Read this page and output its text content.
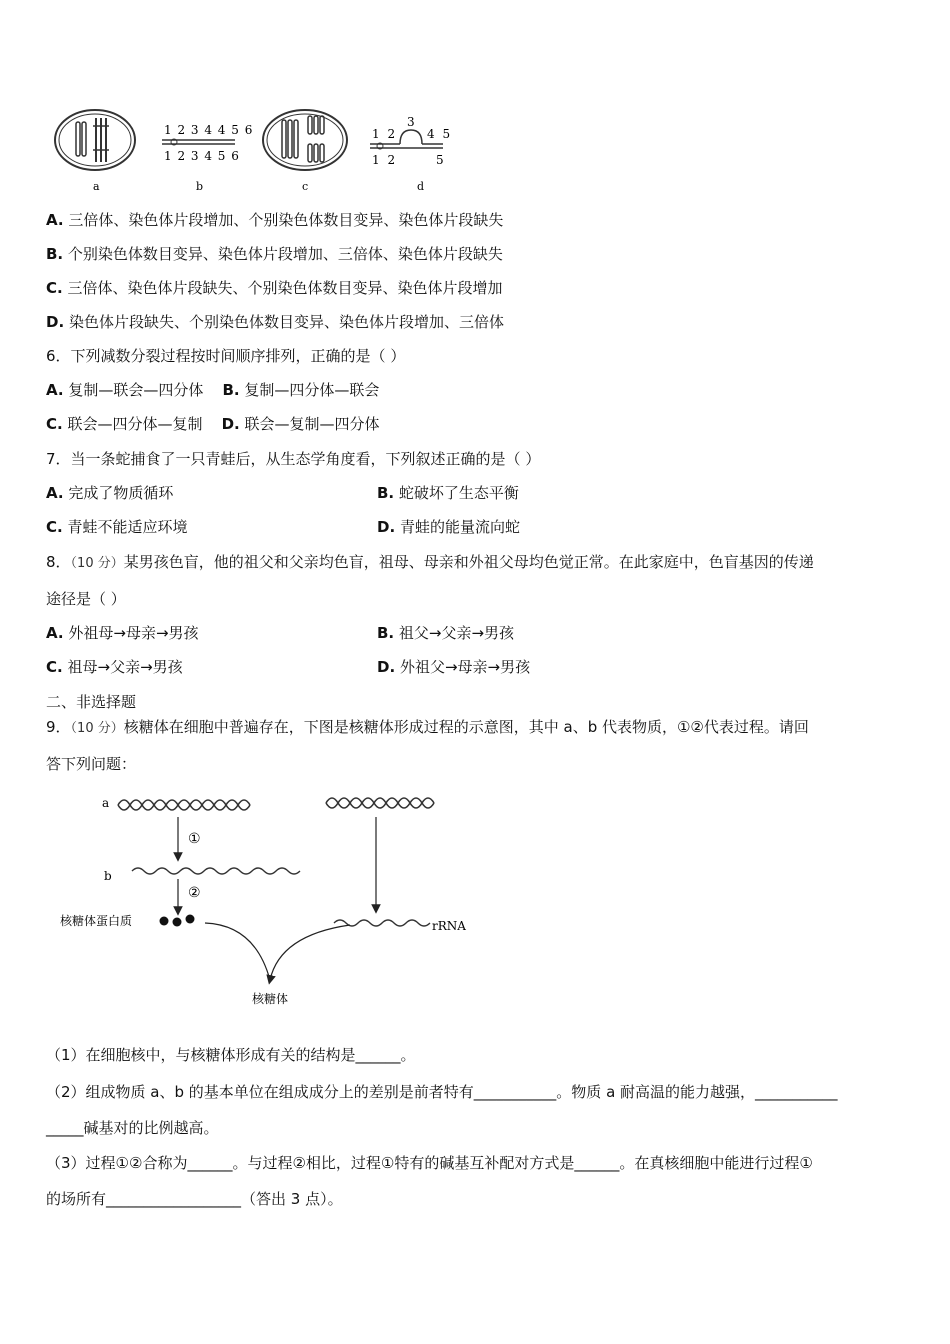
a
1 2 3 4 4 5 6
1 2 3 4 5 6
b	c
1 2
3
4 5
1 2	5
d
A. 三倍体、染色体片段增加、个别染色体数目变异、染色体片段缺失
B. 个别染色体数目变异、染色体片段增加、三倍体、染色体片段缺失
C. 三倍体、染色体片段缺失、个别染色体数目变异、染色体片段增加
D. 染色体片段缺失、个别染色体数目变异、染色体片段增加、三倍体
6．下列减数分裂过程按时间顺序排列，正确的是（ ）
A. 复制—联会—四分体 B. 复制—四分体—联会
C. 联会—四分体—复制 D. 联会—复制—四分体
7．当一条蛇捕食了一只青蛙后，从生态学角度看，下列叙述正确的是（ ）
A. 完成了物质循环	B. 蛇破坏了生态平衡
C. 青蛙不能适应环境	D. 青蛙的能量流向蛇
8．（10 分）某男孩色盲，他的祖父和父亲均色盲，祖母、母亲和外祖父母均色觉正常。在此家庭中，色盲基因的传递
途径是（ ）
A. 外祖母→母亲→男孩	B. 祖父→父亲→男孩
C. 祖母→父亲→男孩	D. 外祖父→母亲→男孩
二、非选择题
9．（10 分）核糖体在细胞中普遍存在，下图是核糖体形成过程的示意图，其中 a、b 代表物质，①②代表过程。请回
答下列问题：
a
①
b
②
核糖体蛋白质	rRNA
核糖体
（1）在细胞核中，与核糖体形成有关的结构是______。
（2）组成物质 a、b 的基本单位在组成成分上的差别是前者特有___________。物质 a 耐高温的能力越强，___________
_____碱基对的比例越高。
（3）过程①②合称为______。与过程②相比，过程①特有的碱基互补配对方式是______。在真核细胞中能进行过程①
的场所有__________________（答出 3 点）。
